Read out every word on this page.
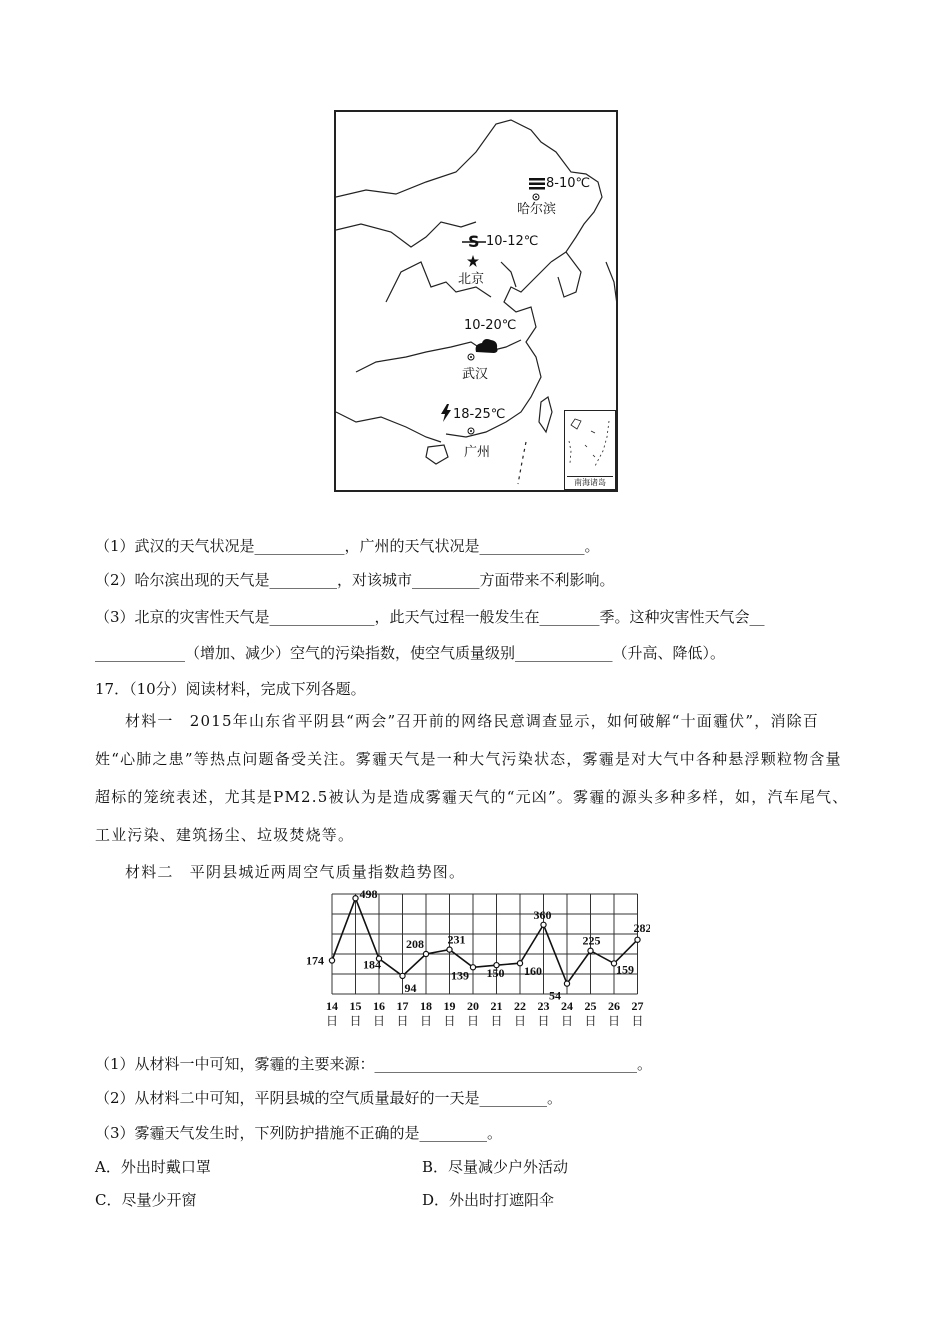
8-10℃
哈尔滨
S 10-12℃
北京
10-20℃
武汉
18-25℃
广州
南海诸岛
（1）武汉的天气状况是____________，广州的天气状况是______________。
（2）哈尔滨出现的天气是_________，对该城市_________方面带来不利影响。
（3）北京的灾害性天气是______________，此天气过程一般发生在________季。这种灾害性天气会__
____________（增加、减少）空气的污染指数，使空气质量级别_____________（升高、降低）。
17．（10分）阅读材料，完成下列各题。
材料一　2015年山东省平阴县“两会”召开前的网络民意调查显示，如何破解“十面霾伏”，消除百姓“心肺之患”等热点问题备受关注。雾霾天气是一种大气污染状态，雾霾是对大气中各种悬浮颗粒物含量超标的笼统表述，尤其是PM2.5被认为是造成雾霾天气的“元凶”。雾霾的源头多种多样，如，汽车尾气、工业污染、建筑扬尘、垃圾焚烧等。
材料二　平阴县城近两周空气质量指数趋势图。
174
14
日
498
15
日
184
16
日
94
17
日
208
18
日
231
19
日
139
20
日
150
21
日
160
22
日
360
23
日
54
24
日
225
25
日
159
26
日
282
27
日
（1）从材料一中可知，雾霾的主要来源：___________________________________。
（2）从材料二中可知，平阴县城的空气质量最好的一天是_________。
（3）雾霾天气发生时，下列防护措施不正确的是_________。
A．外出时戴口罩	B．尽量减少户外活动
C．尽量少开窗	D．外出时打遮阳伞
